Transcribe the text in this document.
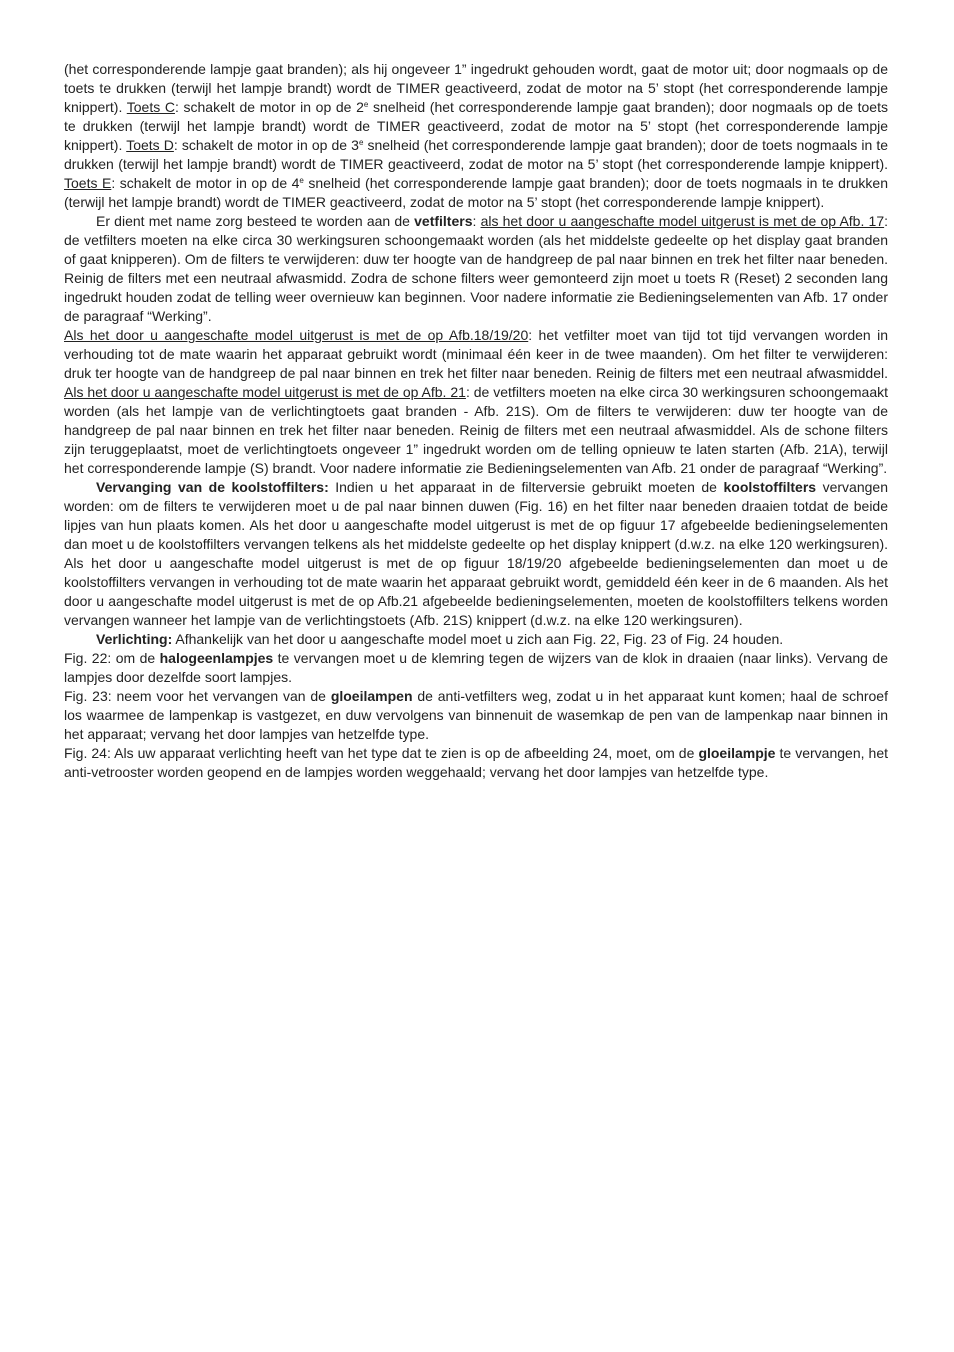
(het corresponderende lampje gaat branden); als hij ongeveer 1” ingedrukt gehouden wordt, gaat de motor uit; door nogmaals op de toets te drukken (terwijl het lampje brandt) wordt de TIMER geactiveerd, zodat de motor na 5’ stopt (het corresponderende lampje knippert). Toets C: schakelt de motor in op de 2e snelheid (het corresponderende lampje gaat branden); door nogmaals op de toets te drukken (terwijl het lampje brandt) wordt de TIMER geactiveerd, zodat de motor na 5’ stopt (het corresponderende lampje knippert). Toets D: schakelt de motor in op de 3e snelheid (het corresponderende lampje gaat branden); door de toets nogmaals in te drukken (terwijl het lampje brandt) wordt de TIMER geactiveerd, zodat de motor na 5’ stopt (het corresponderende lampje knippert). Toets E: schakelt de motor in op de 4e snelheid (het corresponderende lampje gaat branden); door de toets nogmaals in te drukken (terwijl het lampje brandt) wordt de TIMER geactiveerd, zodat de motor na 5’ stopt (het corresponderende lampje knippert).

Er dient met name zorg besteed te worden aan de vetfilters: als het door u aangeschafte model uitgerust is met de op Afb. 17: de vetfilters moeten na elke circa 30 werkingsuren schoongemaakt worden (als het middelste gedeelte op het display gaat branden of gaat knipperen). Om de filters te verwijderen: duw ter hoogte van de handgreep de pal naar binnen en trek het filter naar beneden. Reinig de filters met een neutraal afwasmidd. Zodra de schone filters weer gemonteerd zijn moet u toets R (Reset) 2 seconden lang ingedrukt houden zodat de telling weer overnieuw kan beginnen. Voor nadere informatie zie Bedieningselementen van Afb. 17 onder de paragraaf “Werking”.

Als het door u aangeschafte model uitgerust is met de op Afb.18/19/20: het vetfilter moet van tijd tot tijd vervangen worden in verhouding tot de mate waarin het apparaat gebruikt wordt (minimaal één keer in de twee maanden). Om het filter te verwijderen: druk ter hoogte van de handgreep de pal naar binnen en trek het filter naar beneden. Reinig de filters met een neutraal afwasmiddel. Als het door u aangeschafte model uitgerust is met de op Afb. 21: de vetfilters moeten na elke circa 30 werkingsuren schoongemaakt worden (als het lampje van de verlichtingtoets gaat branden - Afb. 21S). Om de filters te verwijderen: duw ter hoogte van de handgreep de pal naar binnen en trek het filter naar beneden. Reinig de filters met een neutraal afwasmiddel. Als de schone filters zijn teruggeplaatst, moet de verlichtingtoets ongeveer 1” ingedrukt worden om de telling opnieuw te laten starten (Afb. 21A), terwijl het corresponderende lampje (S) brandt. Voor nadere informatie zie Bedieningselementen van Afb. 21 onder de paragraaf “Werking”.

Vervanging van de koolstoffilters: Indien u het apparaat in de filterversie gebruikt moeten de koolstoffilters vervangen worden: om de filters te verwijderen moet u de pal naar binnen duwen (Fig. 16) en het filter naar beneden draaien totdat de beide lipjes van hun plaats komen. Als het door u aangeschafte model uitgerust is met de op figuur 17 afgebeelde bedieningselementen dan moet u de koolstoffilters vervangen telkens als het middelste gedeelte op het display knippert (d.w.z. na elke 120 werkingsuren). Als het door u aangeschafte model uitgerust is met de op figuur 18/19/20 afgebeelde bedieningselementen dan moet u de koolstoffilters vervangen in verhouding tot de mate waarin het apparaat gebruikt wordt, gemiddeld één keer in de 6 maanden. Als het door u aangeschafte model uitgerust is met de op Afb.21 afgebeelde bedieningselementen, moeten de koolstoffilters telkens worden vervangen wanneer het lampje van de verlichtingstoets (Afb. 21S) knippert (d.w.z. na elke 120 werkingsuren).

Verlichting: Afhankelijk van het door u aangeschafte model moet u zich aan Fig. 22, Fig. 23 of Fig. 24 houden.

Fig. 22: om de halogeenlampjes te vervangen moet u de klemring tegen de wijzers van de klok in draaien (naar links). Vervang de lampjes door dezelfde soort lampjes.

Fig. 23: neem voor het vervangen van de gloeilampen de anti-vetfilters weg, zodat u in het apparaat kunt komen; haal de schroef los waarmee de lampenkap is vastgezet, en duw vervolgens van binnenuit de wasemkap de pen van de lampenkap naar binnen in het apparaat; vervang het door lampjes van hetzelfde type.

Fig. 24: Als uw apparaat verlichting heeft van het type dat te zien is op de afbeelding 24, moet, om de gloeilampje te vervangen, het anti-vetrooster worden geopend en de lampjes worden weggehaald; vervang het door lampjes van hetzelfde type.
